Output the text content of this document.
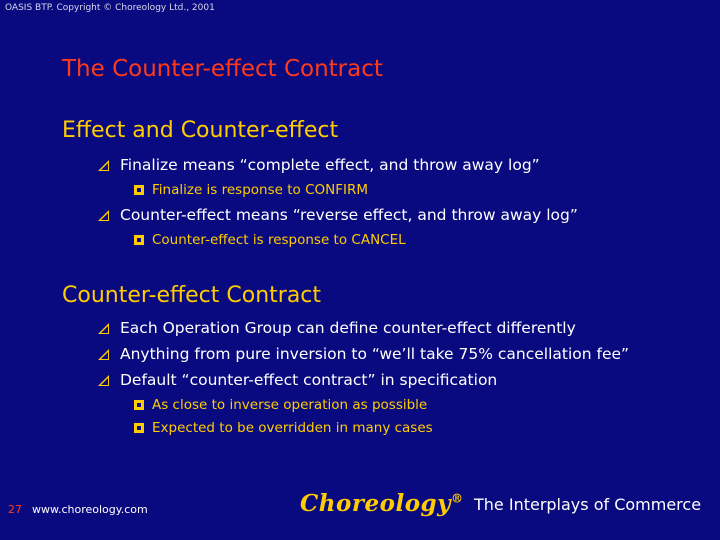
OASIS BTP. Copyright © Choreology Ltd., 2001
The Counter-effect Contract
Effect and Counter-effect
Finalize means “complete effect, and throw away log”
Finalize is response to CONFIRM
Counter-effect means “reverse effect, and throw away log”
Counter-effect is response to CANCEL
Counter-effect Contract
Each Operation Group can define counter-effect differently
Anything from pure inversion to “we’ll take 75% cancellation fee”
Default “counter-effect contract” in specification
As close to inverse operation as possible
Expected to be overridden in many cases
27 www.choreology.com	Choreology® The Interplays of Commerce
